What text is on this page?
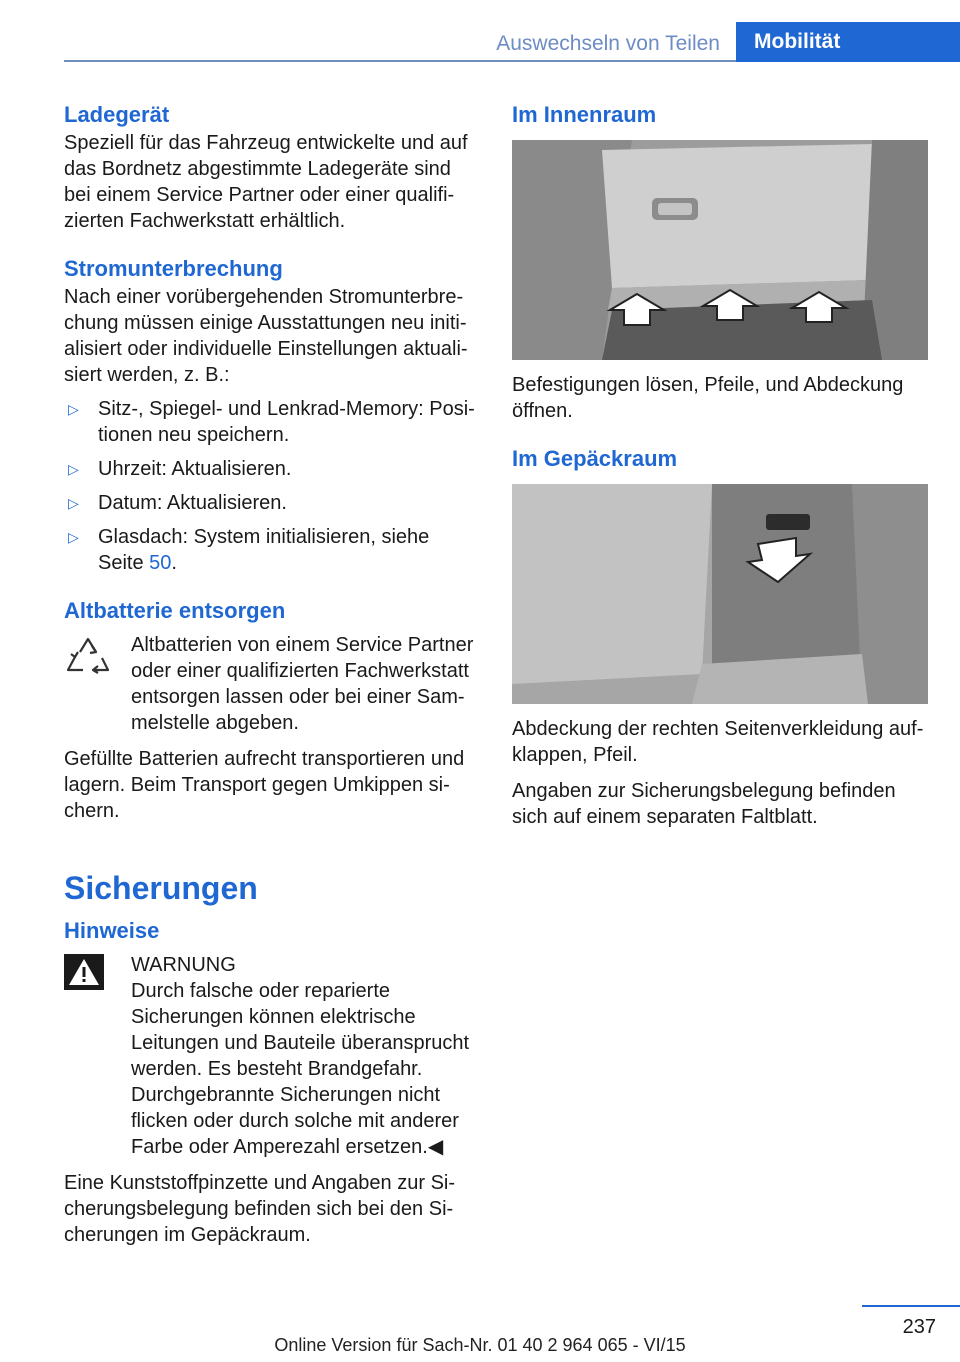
Auswechseln von Teilen	Mobilität
Ladegerät

Speziell für das Fahrzeug entwickelte und auf das Bordnetz abgestimmte Ladegeräte sind bei einem Service Partner oder einer qualifizierten Fachwerkstatt erhältlich.

Stromunterbrechung

Nach einer vorübergehenden Stromunterbrechung müssen einige Ausstattungen neu initialisiert oder individuelle Einstellungen aktualisiert werden, z. B.:

▷ Sitz-, Spiegel- und Lenkrad-Memory: Positionen neu speichern.
▷ Uhrzeit: Aktualisieren.
▷ Datum: Aktualisieren.
▷ Glasdach: System initialisieren, siehe Seite 50.
Altbatterie entsorgen

Altbatterien von einem Service Partner oder einer qualifizierten Fachwerkstatt entsorgen lassen oder bei einer Sammelstelle abgeben.

Gefüllte Batterien aufrecht transportieren und lagern. Beim Transport gegen Umkippen sichern.

Sicherungen
Hinweise

WARNUNG

Durch falsche oder reparierte Sicherungen können elektrische Leitungen und Bauteile überansprucht werden. Es besteht Brandgefahr. Durchgebrannte Sicherungen nicht flicken oder durch solche mit anderer Farbe oder Amperezahl ersetzen.◀

Eine Kunststoffpinzette und Angaben zur Sicherungsbelegung befinden sich bei den Sicherungen im Gepäckraum.

Im Innenraum

Befestigungen lösen, Pfeile, und Abdeckung öffnen.

Im Gepäckraum

Abdeckung der rechten Seitenverkleidung aufklappen, Pfeil.

Angaben zur Sicherungsbelegung befinden sich auf einem separaten Faltblatt.

237
Online Version für Sach-Nr. 01 40 2 964 065 - VI/15
